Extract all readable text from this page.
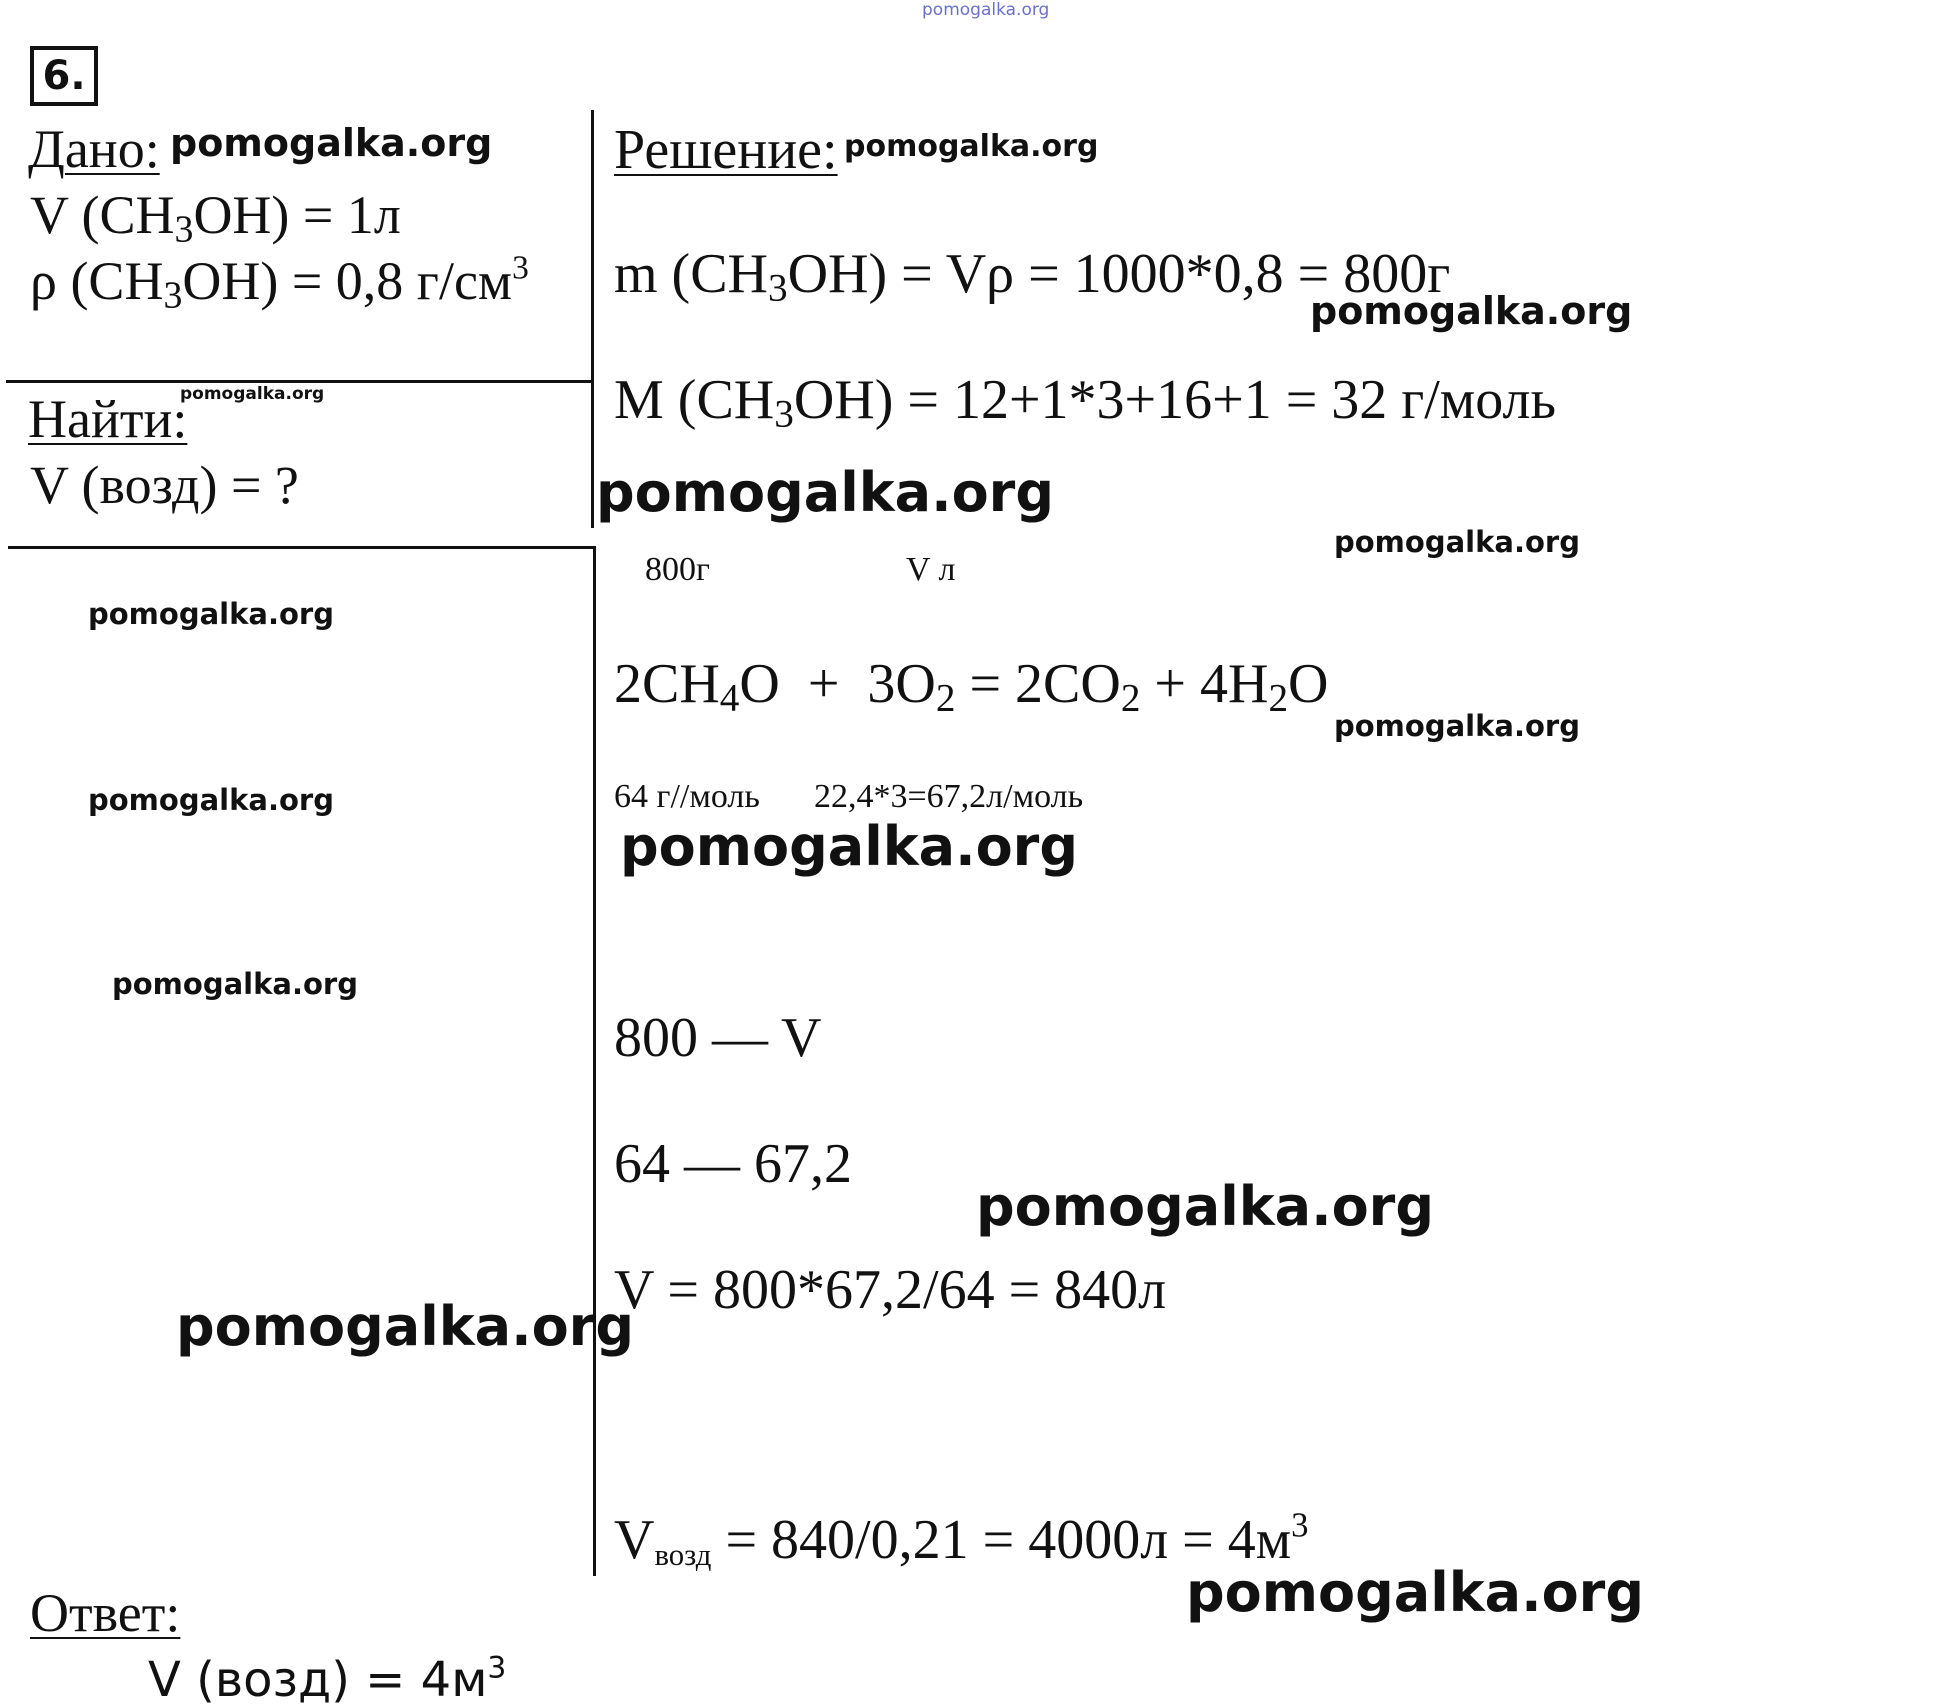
pomogalka.org
6.
Дано:
V $(CH_3OH) = 1л$
ρ $(CH_3OH) = 0,8$ $г/см^3$
Найти:
V (возд) = ?
Решение:
m $(CH_3OH) = V\rho = 1000*0,8 = 800г$
M $(CH_3OH) = 12+1*3+16+1 = 32$ г/моль
800г	V л
$2CH_4O + 3O_2 = 2CO_2 + 4H_2O$
64 г//моль 22,4*3=67,2л/моль
800 — V
64 — 67,2
V = 800*67,2/64 = 840л
$V_{возд} = 840/0,21 = 4000л = 4м^3$
Ответ:
V (возд) = $4м^3$
pomogalka.org	pomogalka.org
pomogalka.org
pomogalka.org
pomogalka.org
pomogalka.org
pomogalka.org
pomogalka.org
pomogalka.org
pomogalka.org
pomogalka.org
pomogalka.org
pomogalka.org
pomogalka.org
